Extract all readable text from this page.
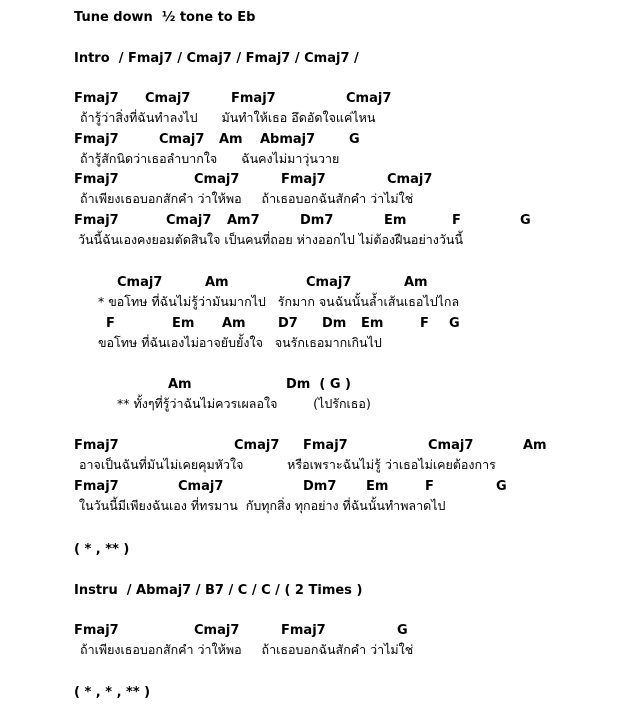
Tune down  ½ tone to Eb
Intro  / Fmaj7 / Cmaj7 / Fmaj7 / Cmaj7 /
Fmaj7 Cmaj7	Fmaj7	Cmaj7
ถ้ารู้ว่าสิ่งที่ฉันทำลงไป      มันทำให้เธอ อึดอัดใจแค่ไหน
Fmaj7	Cmaj7 Am Abmaj7	G
ถ้ารู้สักนิดว่าเธอลำบากใจ      ฉันคงไม่มาวุ่นวาย
Fmaj7	Cmaj7	Fmaj7	Cmaj7
ถ้าเพียงเธอบอกสักคำ ว่าให้พอ     ถ้าเธอบอกฉันสักคำ ว่าไม่ใช่
Fmaj7	Cmaj7 Am7	Dm7	Em	F	G
วันนี้ฉันเองคงยอมตัดสินใจ เป็นคนที่ถอย ห่างออกไป ไม่ต้องฝืนอย่างวันนี้
Cmaj7	Am	Cmaj7	Am
* ขอโทษ ที่ฉันไม่รู้ว่ามันมากไป   รักมาก จนฉันนั้นล้ำเส้นเธอไปไกล
F	Em Am D7 Dm Em	F G
ขอโทษ ที่ฉันเองไม่อาจยับยั้งใจ   จนรักเธอมากเกินไป
Am	Dm  ( G )
** ทั้งๆที่รู้ว่าฉันไม่ควรเผลอใจ         (ไปรักเธอ)
Fmaj7	Cmaj7 Fmaj7	Cmaj7	Am
อาจเป็นฉันที่มันไม่เคยคุมหัวใจ           หรือเพราะฉันไม่รู้ ว่าเธอไม่เคยต้องการ
Fmaj7	Cmaj7	Dm7 Em	F	G
ในวันนี้มีเพียงฉันเอง ที่ทรมาน  กับทุกสิ่ง ทุกอย่าง ที่ฉันนั้นทำพลาดไป
( * , ** )
Instru  / Abmaj7 / B7 / C / C / ( 2 Times )
Fmaj7	Cmaj7	Fmaj7	G
ถ้าเพียงเธอบอกสักคำ ว่าให้พอ     ถ้าเธอบอกฉันสักคำ ว่าไม่ใช่
( * , * , ** )
